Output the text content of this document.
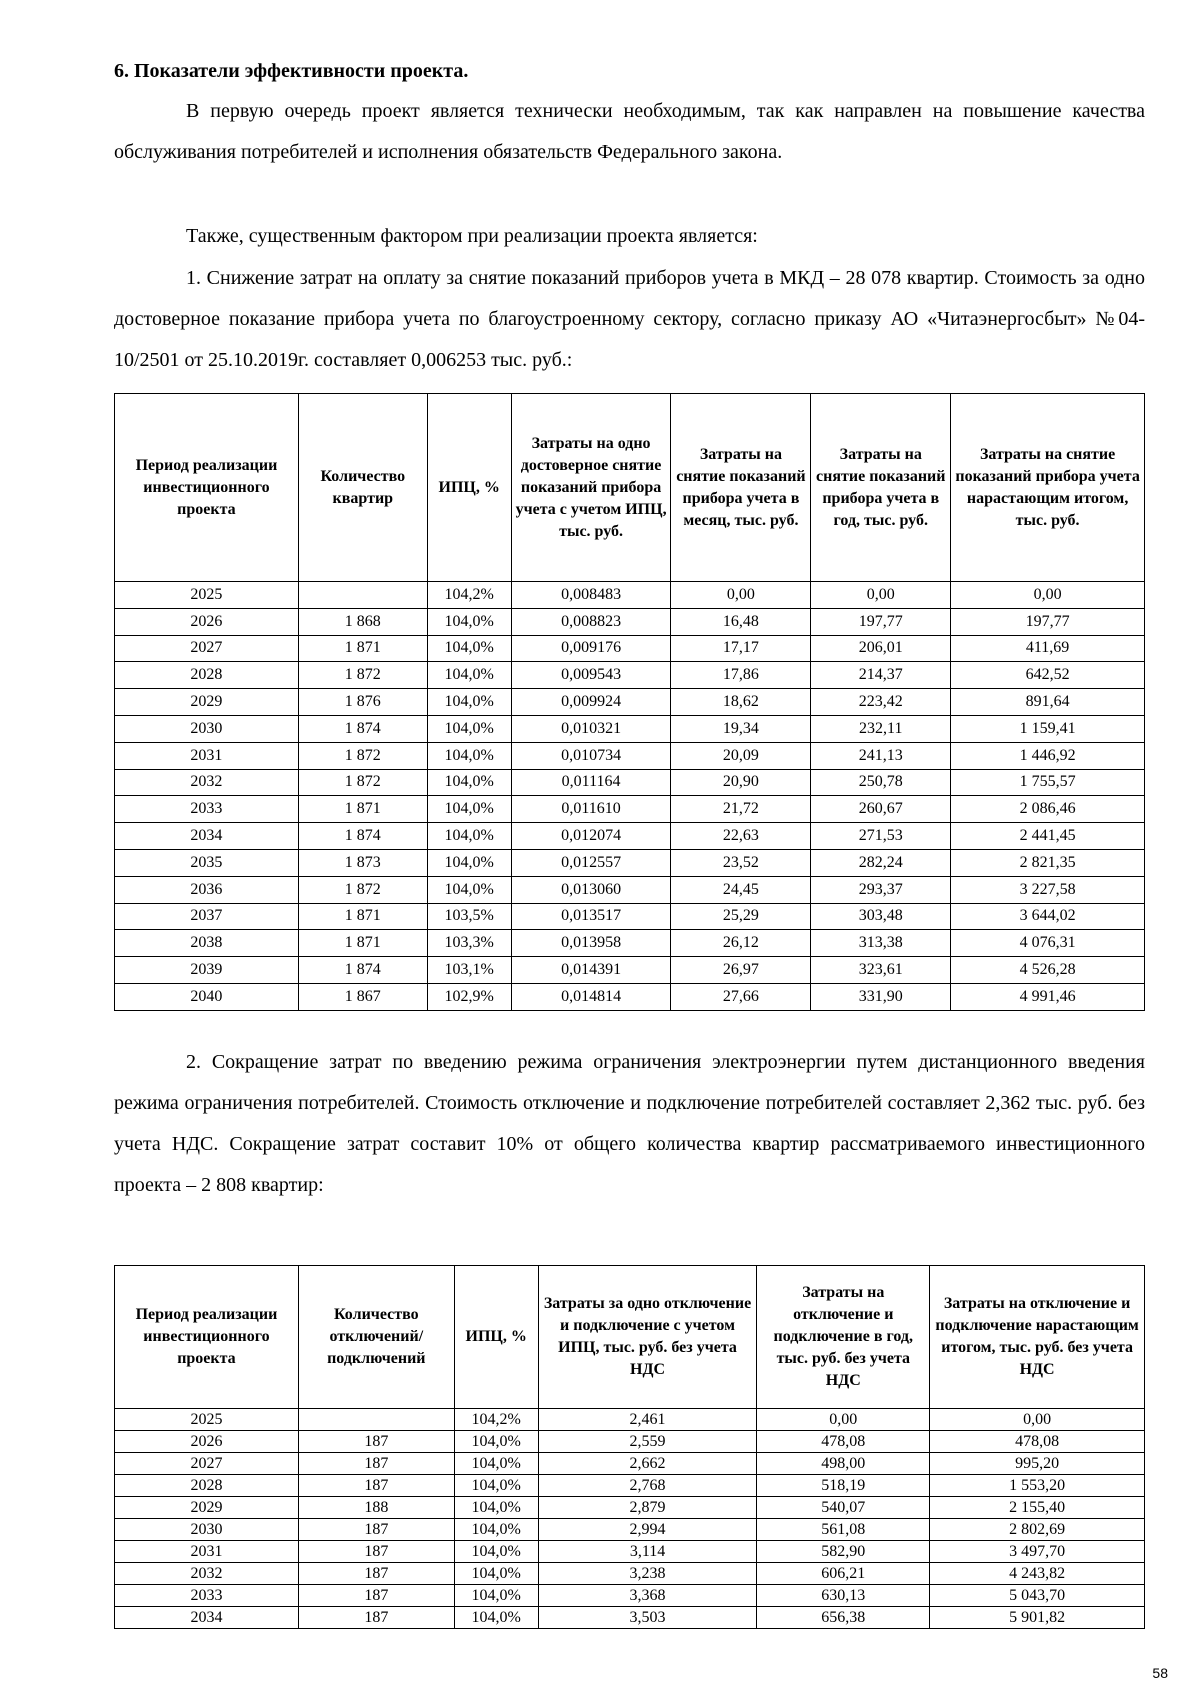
6. Показатели эффективности проекта.

В первую очередь проект является технически необходимым, так как направлен на повышение качества обслуживания потребителей и исполнения обязательств Федерального закона.

Также, существенным фактором при реализации проекта является:

1. Снижение затрат на оплату за снятие показаний приборов учета в МКД – 28 078 квартир. Стоимость за одно достоверное показание прибора учета по благоустроенному сектору, согласно приказу АО «Читаэнергосбыт» №04-10/2501 от 25.10.2019г. составляет 0,006253 тыс. руб.:

Период реализации инвестиционного проекта	Количество квартир	ИПЦ, %	Затраты на одно достоверное снятие показаний прибора учета с учетом ИПЦ, тыс. руб.	Затраты на снятие показаний прибора учета в месяц, тыс. руб.	Затраты на снятие показаний прибора учета в год, тыс. руб.	Затраты на снятие показаний прибора учета нарастающим итогом, тыс. руб.
2025		104,2%	0,008483	0,00	0,00	0,00
2026	1 868	104,0%	0,008823	16,48	197,77	197,77
2027	1 871	104,0%	0,009176	17,17	206,01	411,69
2028	1 872	104,0%	0,009543	17,86	214,37	642,52
2029	1 876	104,0%	0,009924	18,62	223,42	891,64
2030	1 874	104,0%	0,010321	19,34	232,11	1 159,41
2031	1 872	104,0%	0,010734	20,09	241,13	1 446,92
2032	1 872	104,0%	0,011164	20,90	250,78	1 755,57
2033	1 871	104,0%	0,011610	21,72	260,67	2 086,46
2034	1 874	104,0%	0,012074	22,63	271,53	2 441,45
2035	1 873	104,0%	0,012557	23,52	282,24	2 821,35
2036	1 872	104,0%	0,013060	24,45	293,37	3 227,58
2037	1 871	103,5%	0,013517	25,29	303,48	3 644,02
2038	1 871	103,3%	0,013958	26,12	313,38	4 076,31
2039	1 874	103,1%	0,014391	26,97	323,61	4 526,28
2040	1 867	102,9%	0,014814	27,66	331,90	4 991,46

2. Сокращение затрат по введению режима ограничения электроэнергии путем дистанционного введения режима ограничения потребителей. Стоимость отключение и подключение потребителей составляет 2,362 тыс. руб. без учета НДС. Сокращение затрат составит 10% от общего количества квартир рассматриваемого инвестиционного проекта – 2 808 квартир:

Период реализации инвестиционного проекта	Количество отключений/подключений	ИПЦ, %	Затраты за одно отключение и подключение с учетом ИПЦ, тыс. руб. без учета НДС	Затраты на отключение и подключение в год, тыс. руб. без учета НДС	Затраты на отключение и подключение нарастающим итогом, тыс. руб. без учета НДС
2025		104,2%	2,461	0,00	0,00
2026	187	104,0%	2,559	478,08	478,08
2027	187	104,0%	2,662	498,00	995,20
2028	187	104,0%	2,768	518,19	1 553,20
2029	188	104,0%	2,879	540,07	2 155,40
2030	187	104,0%	2,994	561,08	2 802,69
2031	187	104,0%	3,114	582,90	3 497,70
2032	187	104,0%	3,238	606,21	4 243,82
2033	187	104,0%	3,368	630,13	5 043,70
2034	187	104,0%	3,503	656,38	5 901,82
58
